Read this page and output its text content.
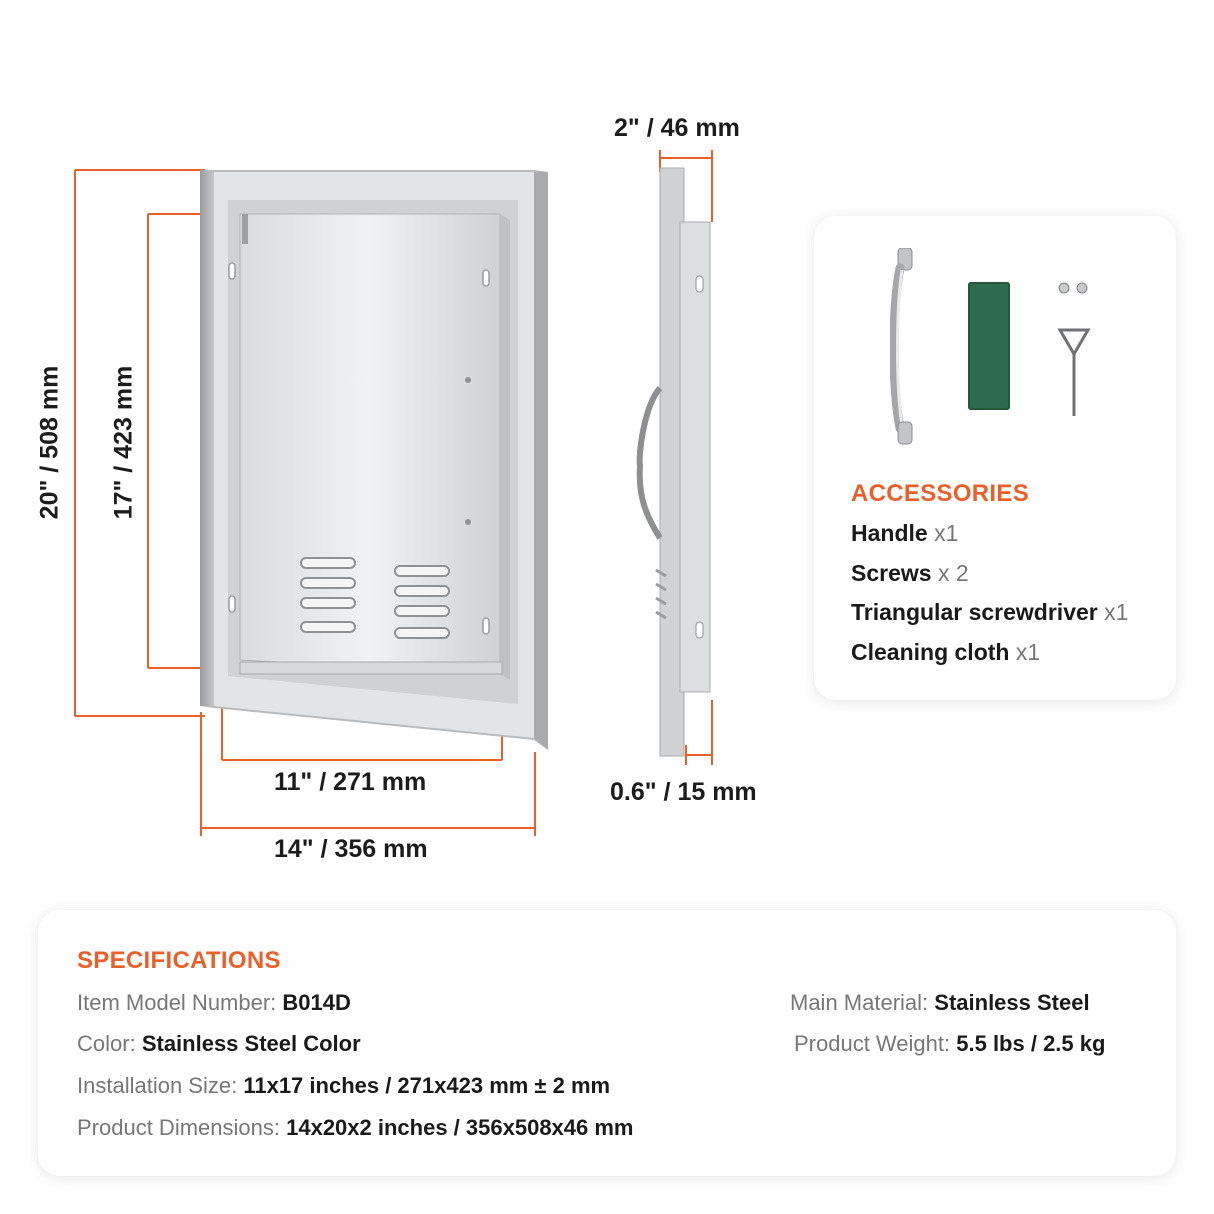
2" / 46 mm
0.6" / 15 mm
11" / 271 mm
14" / 356 mm
20" / 508 mm 17" / 423 mm	ACCESSORIES
Handle x1
Screws x 2
Triangular screwdriver x1
Cleaning cloth x1
SPECIFICATIONS
Item Model Number: B014D
Color: Stainless Steel Color
Installation Size: 11x17 inches / 271x423 mm ± 2 mm
Product Dimensions: 14x20x2 inches / 356x508x46 mm
Main Material: Stainless Steel
Product Weight: 5.5 lbs / 2.5 kg
